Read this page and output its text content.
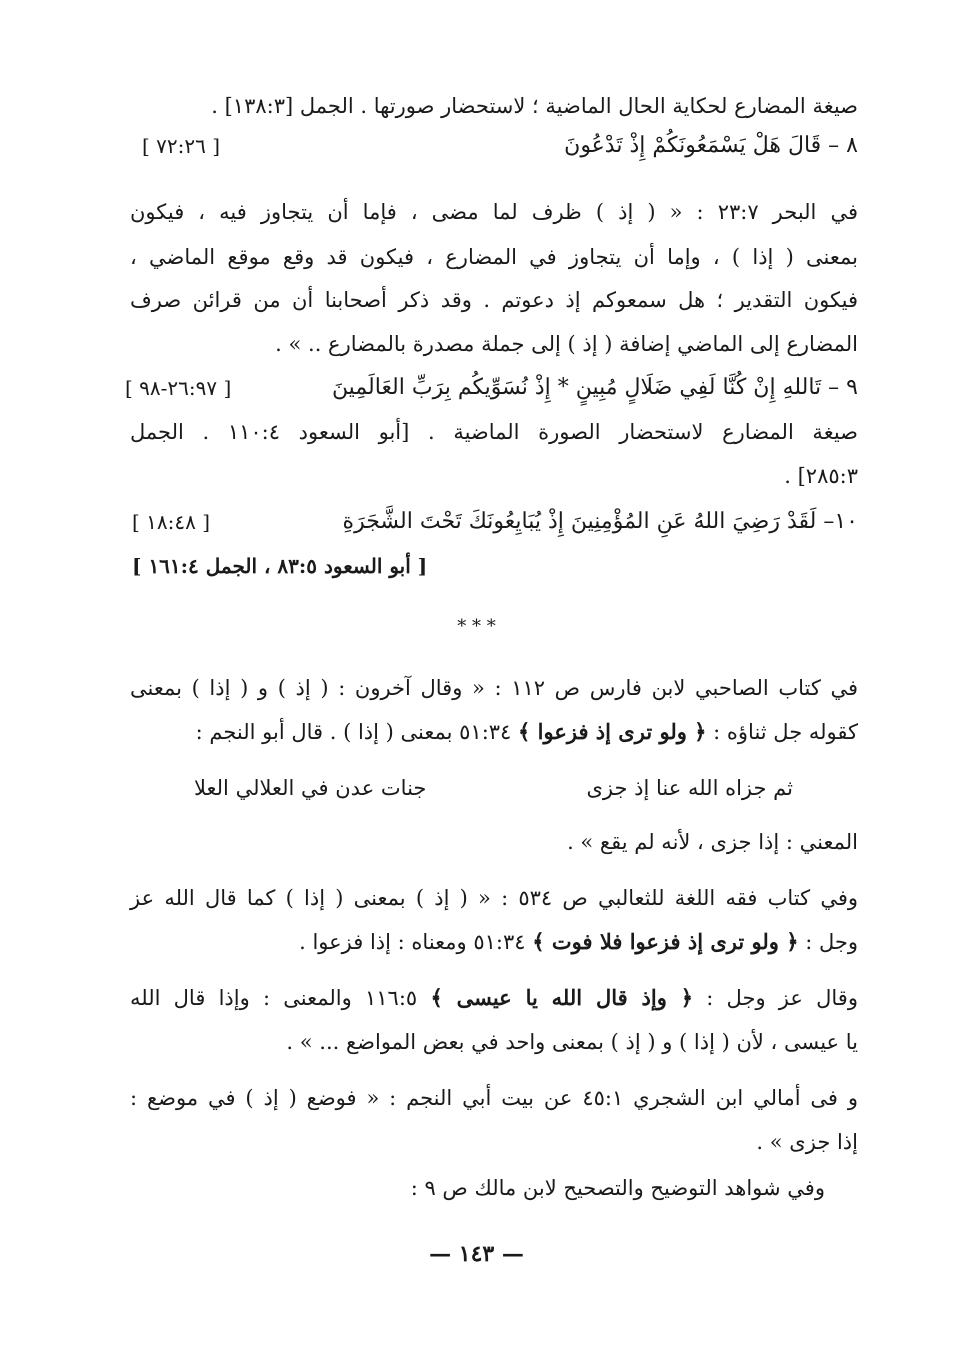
صيغة المضارع لحكاية الحال الماضية ؛ لاستحضار صورتها . الجمل [١٣٨:٣] .
٨ – قَالَ هَلْ يَسْمَعُونَكُمْ إِذْ تَدْعُونَ
[ ٧٢:٢٦ ]
في البحر ٢٣:٧ : « ( إذ ) ظرف لما مضى ، فإما أن يتجاوز فيه ، فيكون
بمعنى ( إذا ) ، وإما أن يتجاوز في المضارع ، فيكون قد وقع موقع الماضي ،
فيكون التقدير ؛ هل سمعوكم إذ دعوتم . وقد ذكر أصحابنا أن من قرائن صرف
المضارع إلى الماضي إضافة ( إذ ) إلى جملة مصدرة بالمضارع .. » .
٩ – تَاللهِ إِنْ كُنَّا لَفِي ضَلَالٍ مُبِينٍ * إِذْ نُسَوِّيكُم بِرَبِّ العَالَمِينَ
[ ٢٦:٩٧-٩٨ ]
صيغة المضارع لاستحضار الصورة الماضية . [أبو السعود ١١٠:٤ . الجمل
٢٨٥:٣] .
١٠– لَقَدْ رَضِيَ اللهُ عَنِ المُؤْمِنِينَ إِذْ يُبَايِعُونَكَ تَحْتَ الشَّجَرَةِ
[ ١٨:٤٨ ]
[ أبو السعود ٨٣:٥ ، الجمل ١٦١:٤ ]
* * *
في كتاب الصاحبي لابن فارس ص ١١٢ : « وقال آخرون : ( إذ ) و ( إذا ) بمعنى
كقوله جل ثناؤه : ﴿ ولو ترى إذ فزعوا ﴾ ٥١:٣٤ بمعنى ( إذا ) . قال أبو النجم :
ثم جزاه الله عنا إذ جزى
جنات عدن في العلالي العلا
المعني : إذا جزى ، لأنه لم يقع » .
وفي كتاب فقه اللغة للثعالبي ص ٥٣٤ : « ( إذ ) بمعنى ( إذا ) كما قال الله عز
وجل : ﴿ ولو ترى إذ فزعوا فلا فوت ﴾ ٥١:٣٤ ومعناه : إذا فزعوا .
وقال عز وجل : ﴿ وإذ قال الله يا عيسى ﴾ ١١٦:٥ والمعنى : وإذا قال الله
يا عيسى ، لأن ( إذا ) و ( إذ ) بمعنى واحد في بعض المواضع ... » .
و فى أمالي ابن الشجري ٤٥:١ عن بيت أبي النجم : « فوضع ( إذ ) في موضع :
إذا جزى » .
وفي شواهد التوضيح والتصحيح لابن مالك ص ٩ :
— ١٤٣ —
